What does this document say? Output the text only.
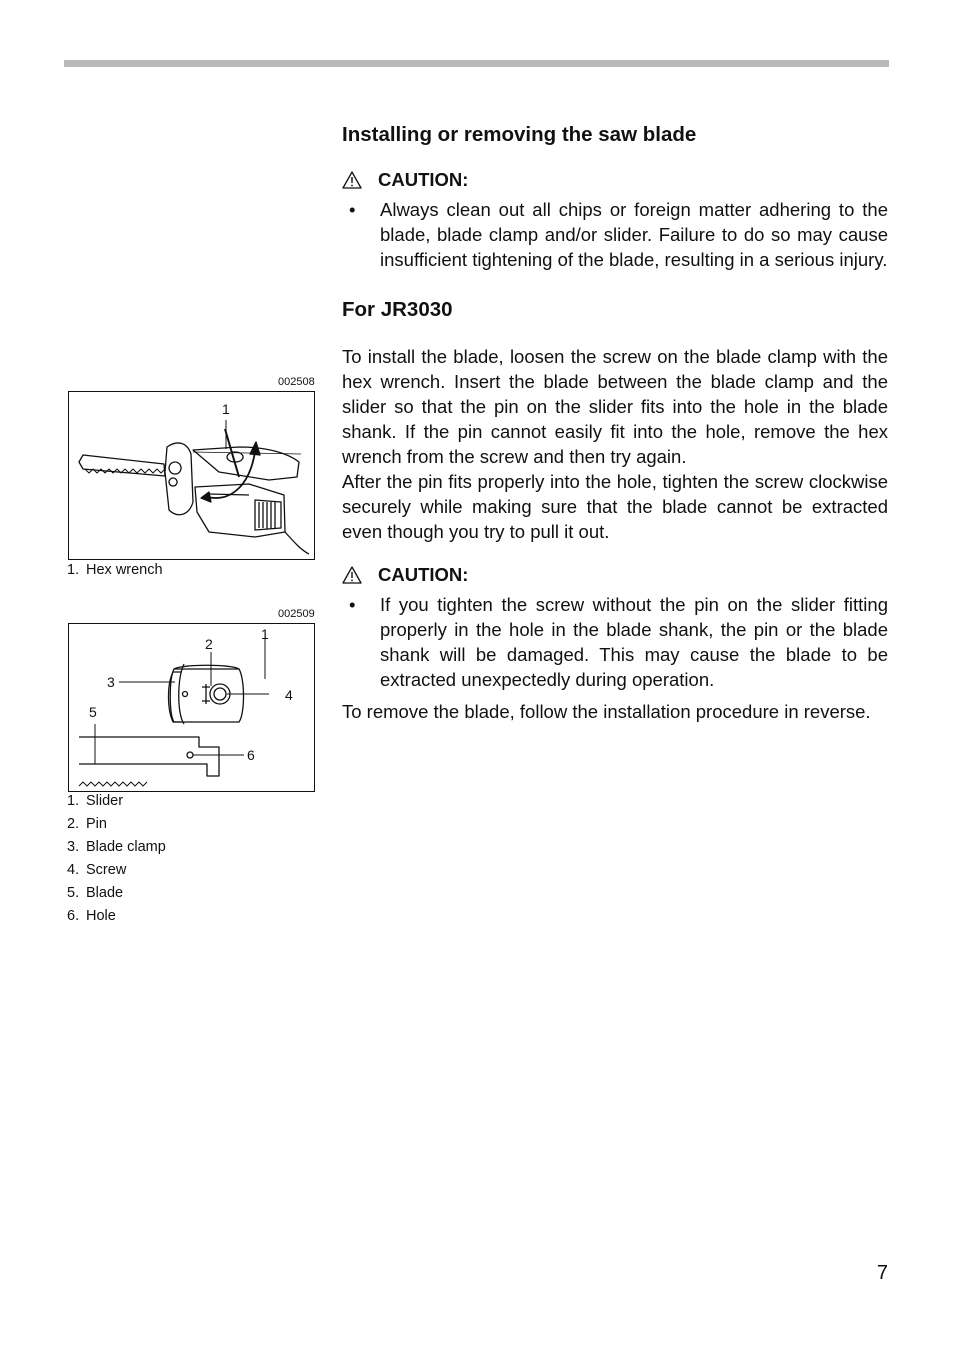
002508
1
1. Hex wrench
002509
1
2
3
4
5
6
1. Slider
2. Pin
3. Blade clamp
4. Screw
5. Blade
6. Hole
Installing or removing the saw blade
CAUTION:
• Always clean out all chips or foreign matter adhering to the blade, blade clamp and/or slider. Failure to do so may cause insufficient tightening of the blade, resulting in a serious injury.
For JR3030

To install the blade, loosen the screw on the blade clamp with the hex wrench. Insert the blade between the blade clamp and the slider so that the pin on the slider fits into the hole in the blade shank. If the pin cannot easily fit into the hole, remove the hex wrench from the screw and then try again.

After the pin fits properly into the hole, tighten the screw clockwise securely while making sure that the blade cannot be extracted even though you try to pull it out.

CAUTION:
• If you tighten the screw without the pin on the slider fitting properly in the hole in the blade shank, the pin or the blade shank will be damaged. This may cause the blade to be extracted unexpectedly during operation.

To remove the blade, follow the installation procedure in reverse.

7
